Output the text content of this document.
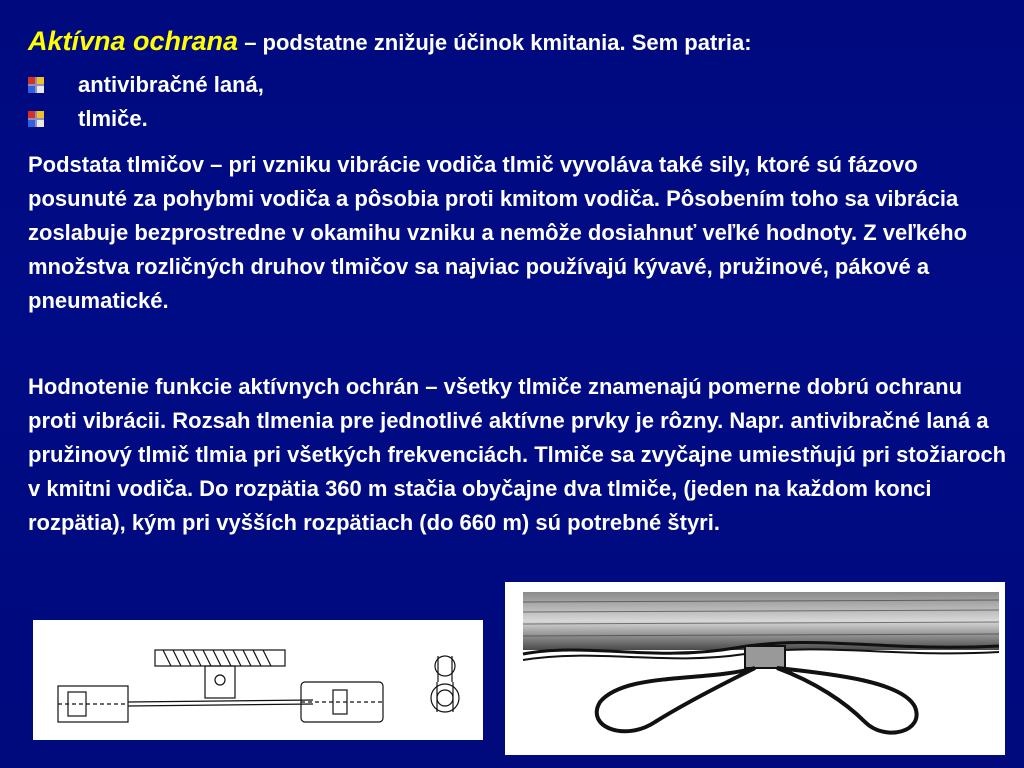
Aktívna ochrana – podstatne znižuje účinok kmitania. Sem patria:
antivibračné laná,
tlmiče.

Podstata tlmičov – pri vzniku vibrácie vodiča tlmič vyvoláva také sily, ktoré sú fázovo posunuté za pohybmi vodiča a pôsobia proti kmitom vodiča. Pôsobením toho sa vibrácia zoslabuje bezprostredne v okamihu vzniku a nemôže dosiahnuť veľké hodnoty. Z veľkého množstva rozličných druhov tlmičov sa najviac používajú kývavé, pružinové, pákové a pneumatické.

Hodnotenie funkcie aktívnych ochrán – všetky tlmiče znamenajú pomerne dobrú ochranu proti vibrácii. Rozsah tlmenia pre jednotlivé aktívne prvky je rôzny. Napr. antivibračné laná a pružinový tlmič tlmia pri všetkých frekvenciách. Tlmiče sa zvyčajne umiestňujú pri stožiaroch v kmitni vodiča. Do rozpätia 360 m stačia obyčajne dva tlmiče, (jeden na každom konci rozpätia), kým pri vyšších rozpätiach (do 660 m) sú potrebné štyri.
